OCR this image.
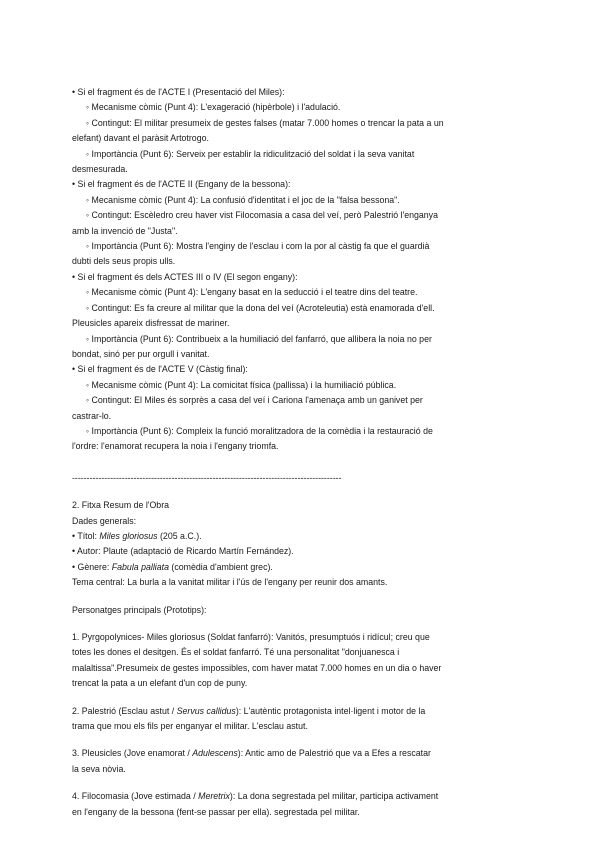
• Si el fragment és de l'ACTE I (Presentació del Miles):
◦ Mecanisme còmic (Punt 4): L'exageració (hipèrbole) i l'adulació.
◦ Contingut: El militar presumeix de gestes falses (matar 7.000 homes o trencar la pata a un
elefant) davant el paràsit Artotrogo.
◦ Importància (Punt 6): Serveix per establir la ridiculització del soldat i la seva vanitat
desmesurada.
• Si el fragment és de l'ACTE II (Engany de la bessona):
◦ Mecanisme còmic (Punt 4): La confusió d'identitat i el joc de la "falsa bessona".
◦ Contingut: Escèledro creu haver vist Filocomasia a casa del veí, però Palestrió l'enganya
amb la invenció de "Justa".
◦ Importància (Punt 6): Mostra l'enginy de l'esclau i com la por al càstig fa que el guardià
dubti dels seus propis ulls.
• Si el fragment és dels ACTES III o IV (El segon engany):
◦ Mecanisme còmic (Punt 4): L'engany basat en la seducció i el teatre dins del teatre.
◦ Contingut: Es fa creure al militar que la dona del veí (Acroteleutia) està enamorada d'ell.
Pleusicles apareix disfressat de mariner.
◦ Importància (Punt 6): Contribueix a la humiliació del fanfarró, que allibera la noia no per
bondat, sinó per pur orgull i vanitat.
• Si el fragment és de l'ACTE V (Càstig final):
◦ Mecanisme còmic (Punt 4): La comicitat física (pallissa) i la humiliació pública.
◦ Contingut: El Miles és sorprès a casa del veí i Cariona l'amenaça amb un ganivet per
castrar-lo.
◦ Importància (Punt 6): Compleix la funció moralitzadora de la comèdia i la restauració de
l'ordre: l'enamorat recupera la noia i l'engany triomfa.
--------------------------------------------------------------------------------------------
2. Fitxa Resum de l'Obra
Dades generals:
• Títol: Miles gloriosus (205 a.C.).
• Autor: Plaute (adaptació de Ricardo Martín Fernández).
• Gènere: Fabula palliata (comèdia d'ambient grec).
Tema central: La burla a la vanitat militar i l'ús de l'engany per reunir dos amants.
Personatges principals (Prototips):
1. Pyrgopolynices- Miles gloriosus (Soldat fanfarró): Vanitós, presumptuós i ridícul; creu que
totes les dones el desitgen. És el soldat fanfarró. Té una personalitat "donjuanesca i
malaltissa".Presumeix de gestes impossibles, com haver matat 7.000 homes en un dia o haver
trencat la pata a un elefant d'un cop de puny.
2. Palestrió (Esclau astut / Servus callidus): L'autèntic protagonista intel·ligent i motor de la
trama que mou els fils per enganyar el militar. L'esclau astut.
3. Pleusicles (Jove enamorat / Adulescens): Antic amo de Palestrió que va a Efes a rescatar
la seva nòvia.
4. Filocomasia (Jove estimada / Meretrix): La dona segrestada pel militar, participa activament
en l'engany de la bessona (fent-se passar per ella). segrestada pel militar.
